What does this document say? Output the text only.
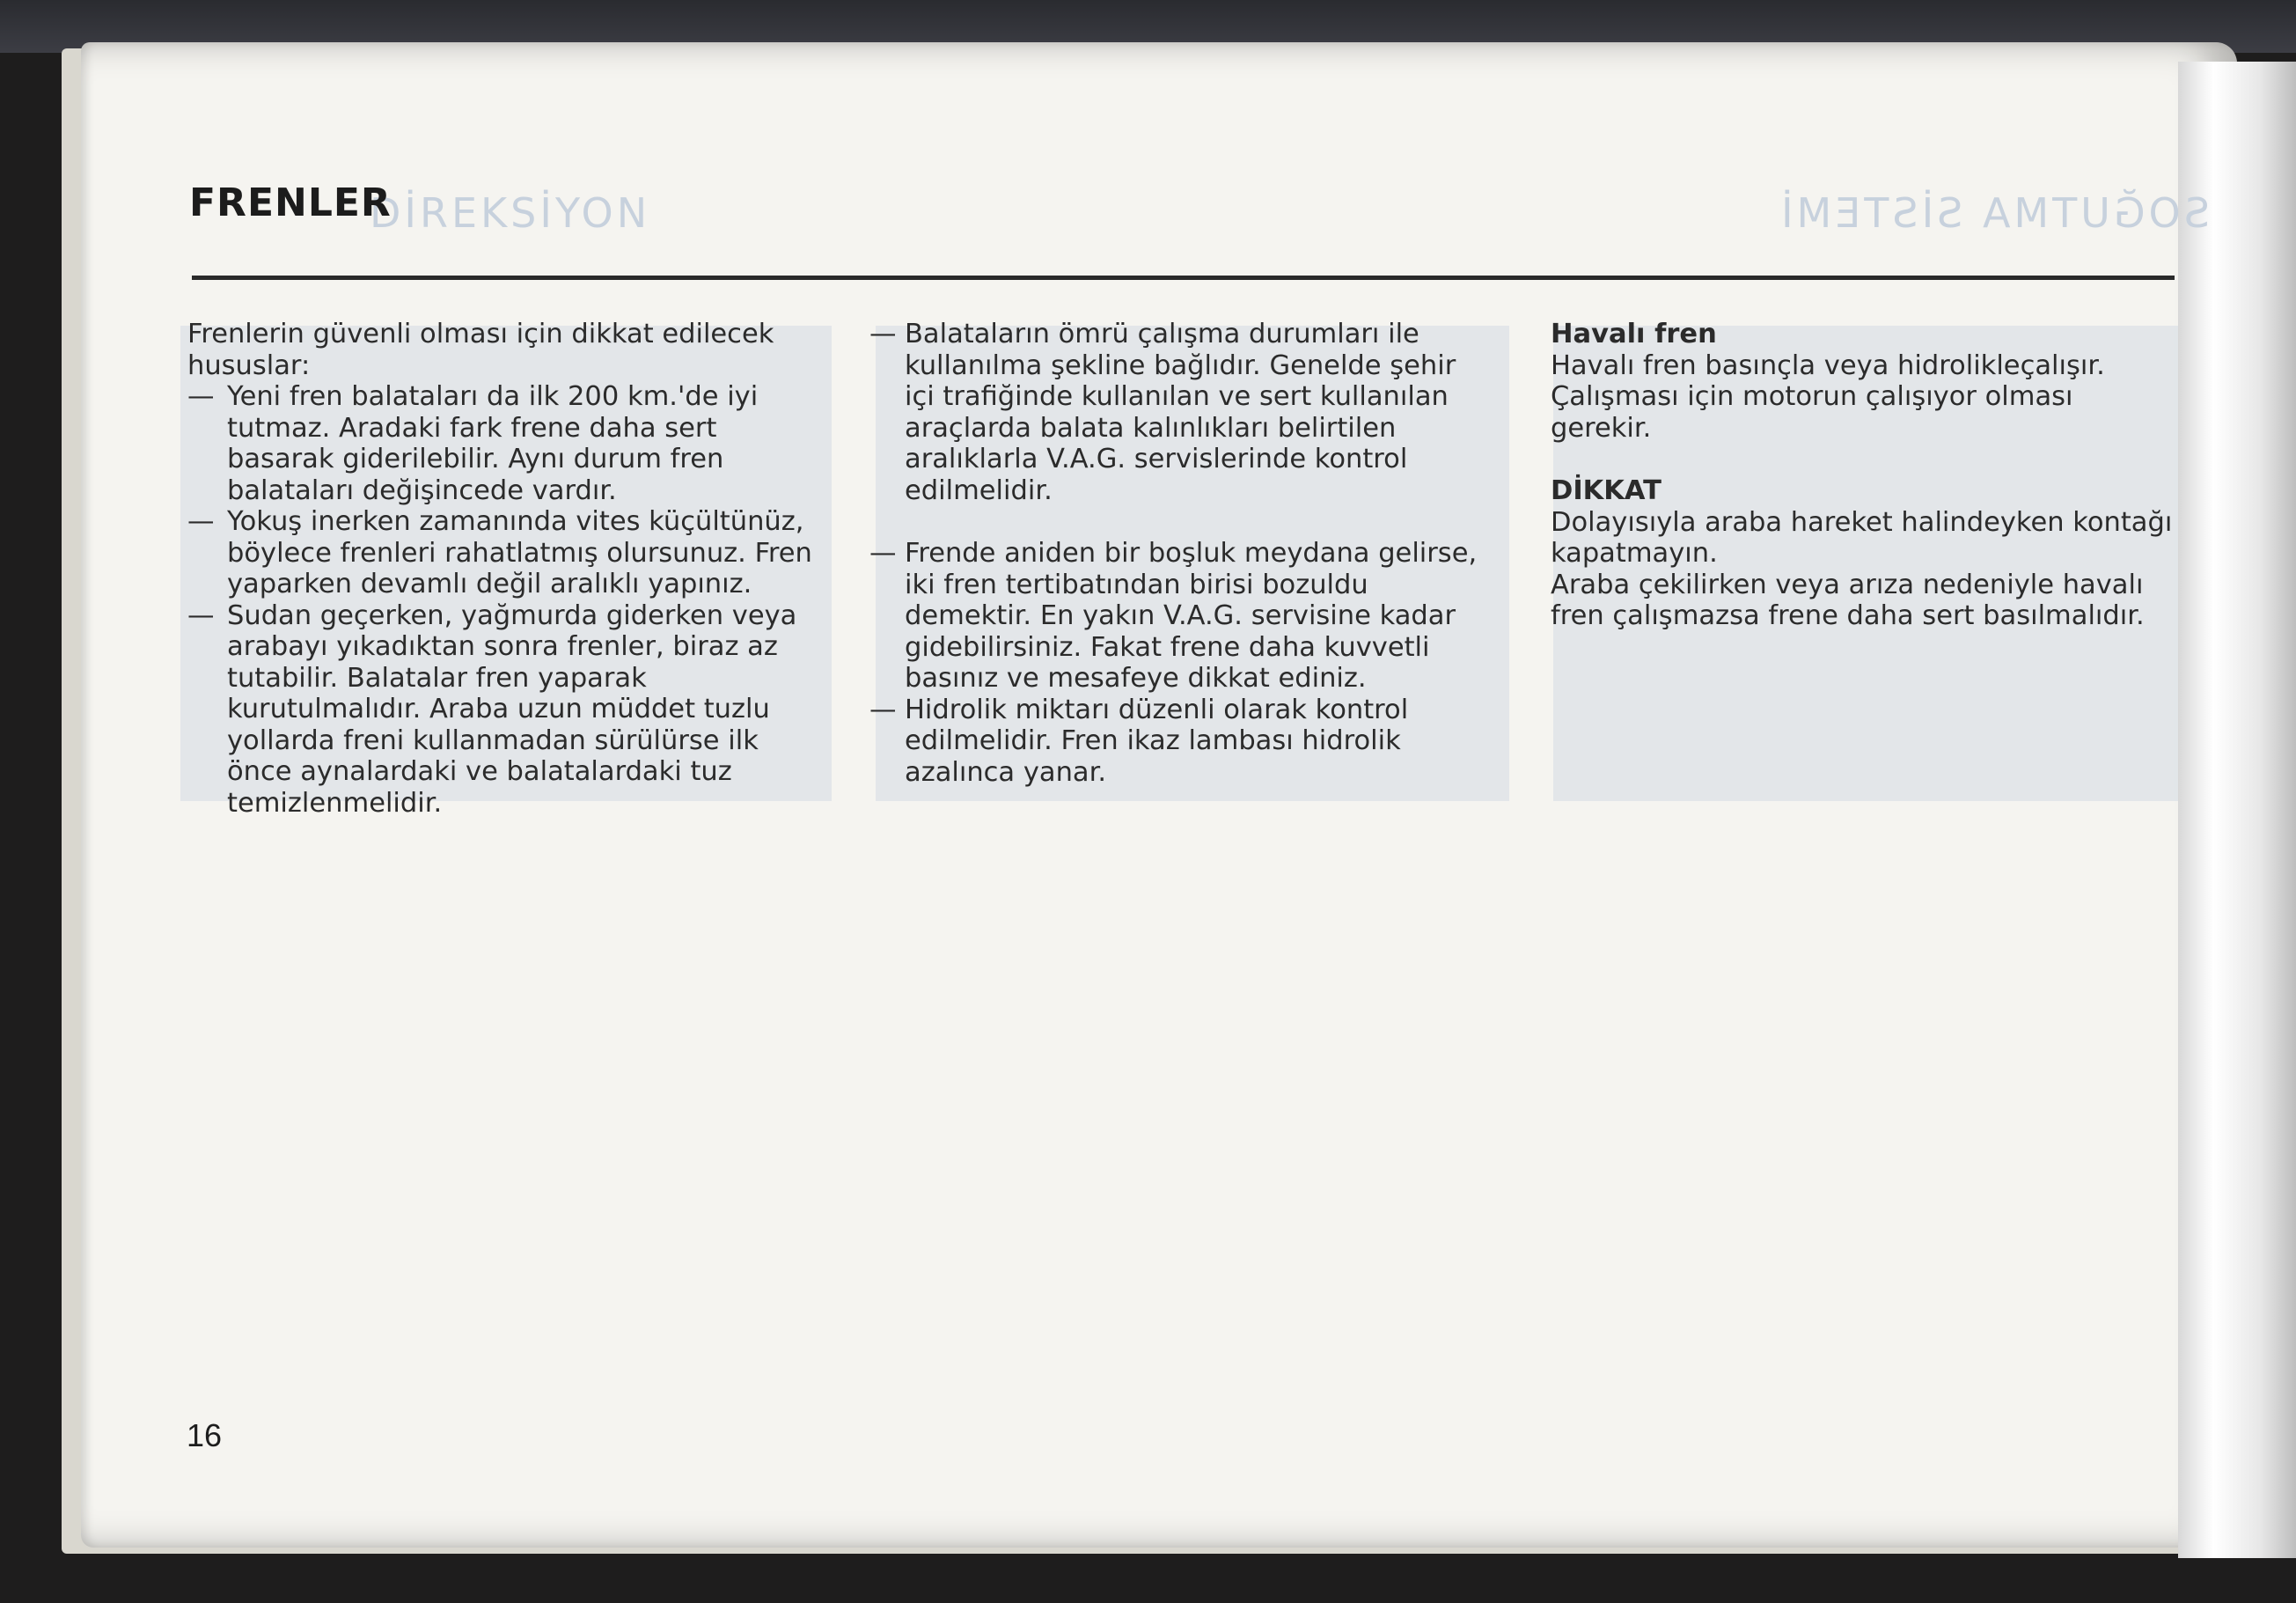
DİREKSİYON	SOĞUTMA SİSTEMİ
FRENLER

Frenlerin güvenli olması için dikkat edilecek hususlar:

— Yeni fren balataları da ilk 200 km.'de iyi tutmaz. Aradaki fark frene daha sert basarak giderilebilir. Aynı durum fren balataları değişincede vardır.
— Yokuş inerken zamanında vites küçültünüz, böylece frenleri rahatlatmış olursunuz. Fren yaparken devamlı değil aralıklı yapınız.
— Sudan geçerken, yağmurda giderken veya arabayı yıkadıktan sonra frenler, biraz az tutabilir. Balatalar fren yaparak kurutulmalıdır. Araba uzun müddet tuzlu yollarda freni kullanmadan sürülürse ilk önce aynalardaki ve balatalardaki tuz temizlenmelidir.
— Balataların ömrü çalışma durumları ile kullanılma şekline bağlıdır. Genelde şehir içi trafiğinde kullanılan ve sert kullanılan araçlarda balata kalınlıkları belirtilen aralıklarla V.A.G. servislerinde kontrol edilmelidir.
— Frende aniden bir boşluk meydana gelirse, iki fren tertibatından birisi bozuldu demektir. En yakın V.A.G. servisine kadar gidebilirsiniz. Fakat frene daha kuvvetli basınız ve mesafeye dikkat ediniz.
— Hidrolik miktarı düzenli olarak kontrol edilmelidir. Fren ikaz lambası hidrolik azalınca yanar.

Havalı fren

Havalı fren basınçla veya hidrolikleçalışır. Çalışması için motorun çalışıyor olması gerekir.

DİKKAT

Dolayısıyla araba hareket halindeyken kontağı kapatmayın.

Araba çekilirken veya arıza nedeniyle havalı fren çalışmazsa frene daha sert basılmalıdır.

16
